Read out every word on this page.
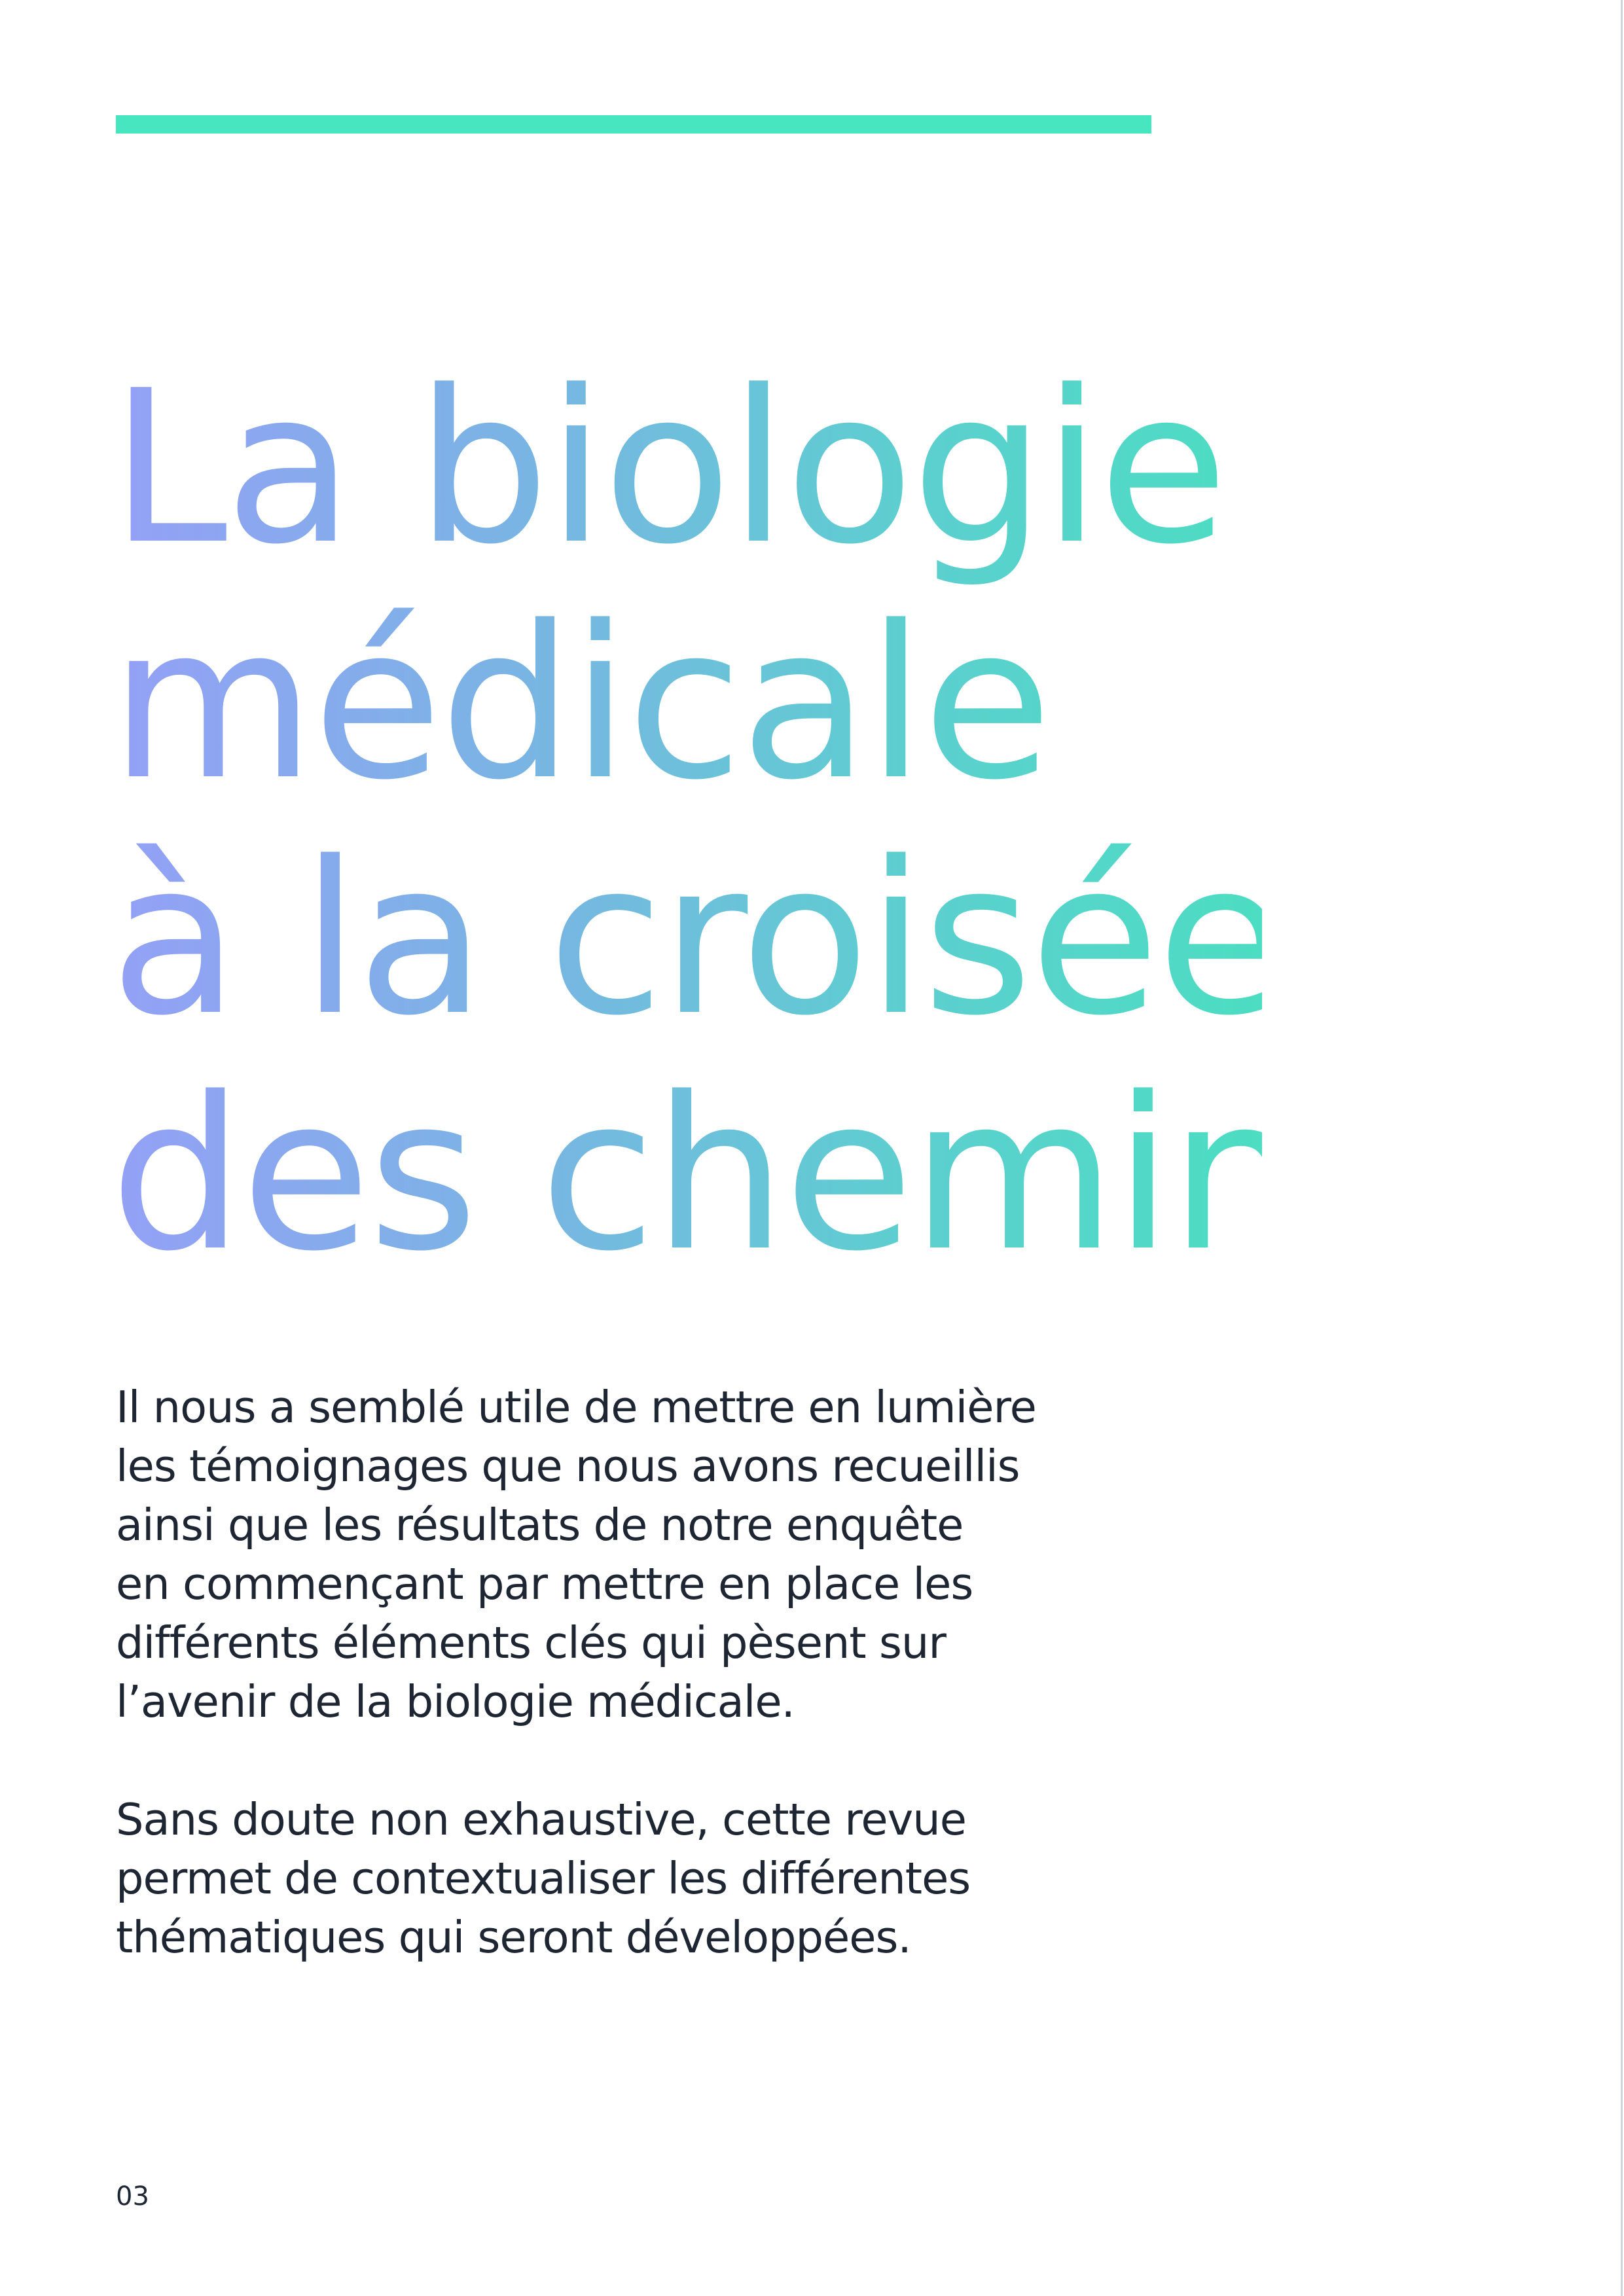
La biologie
médicale
à la croisée
des chemins

Il nous a semblé utile de mettre en lumière
les témoignages que nous avons recueillis
ainsi que les résultats de notre enquête
en commençant par mettre en place les
différents éléments clés qui pèsent sur
l’avenir de la biologie médicale.

Sans doute non exhaustive, cette revue
permet de contextualiser les différentes
thématiques qui seront développées.

03
